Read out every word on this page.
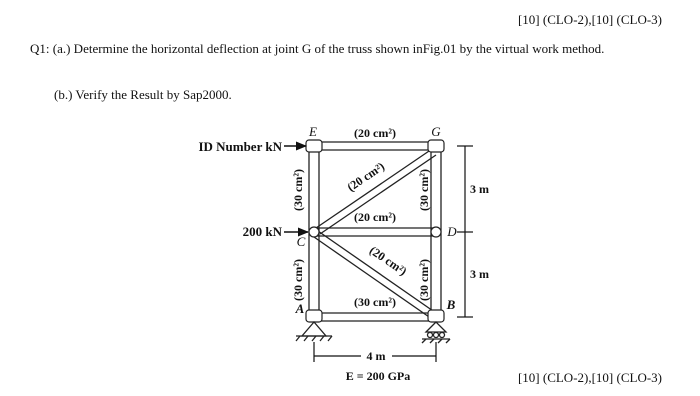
[10] (CLO-2),[10] (CLO-3)
Q1: (a.) Determine the horizontal deflection at joint G of the truss shown inFig.01 by the virtual work method.
(b.) Verify the Result by Sap2000.
ID Number kN
200 kN
E	G
C
D
A	B
(20 cm²)
(20 cm²)
(20 cm²)
(20 cm²)
(30 cm²)
(30 cm²)
(30 cm²)
(30 cm²)
(30 cm²)
3 m
3 m
4 m
E = 200 GPa	[10] (CLO-2),[10] (CLO-3)
